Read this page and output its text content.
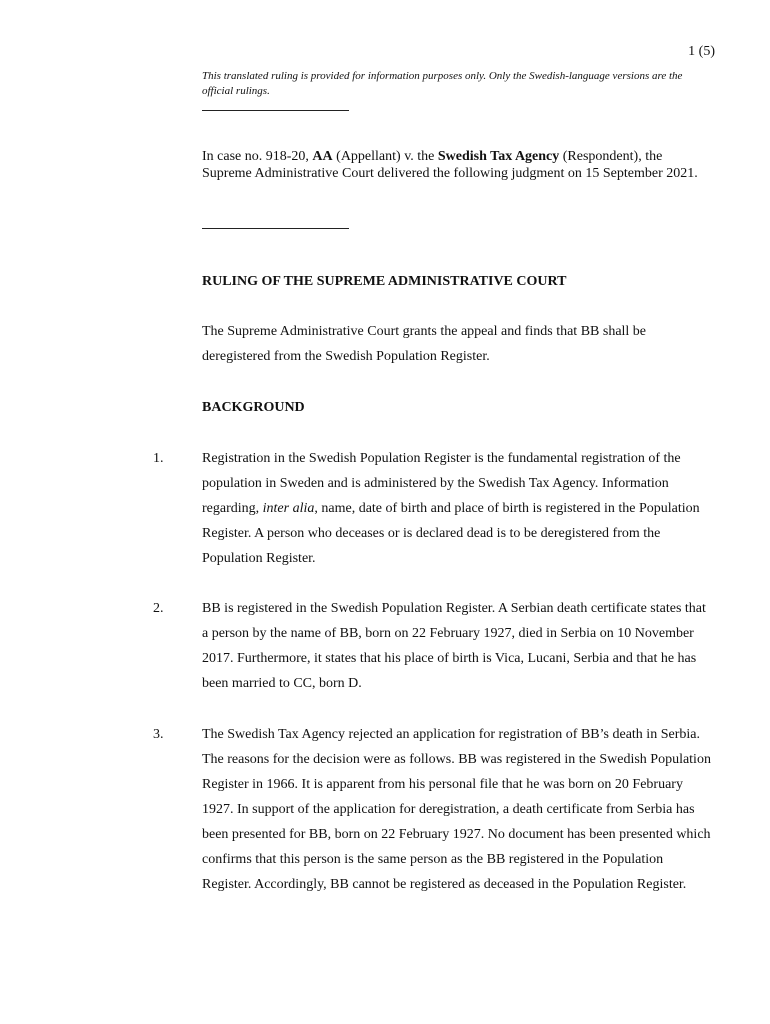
1 (5)
This translated ruling is provided for information purposes only. Only the Swedish-language versions are the official rulings.
In case no. 918-20, AA (Appellant) v. the Swedish Tax Agency (Respondent), the Supreme Administrative Court delivered the following judgment on 15 September 2021.
RULING OF THE SUPREME ADMINISTRATIVE COURT
The Supreme Administrative Court grants the appeal and finds that BB shall be deregistered from the Swedish Population Register.
BACKGROUND
1.	Registration in the Swedish Population Register is the fundamental registration of the population in Sweden and is administered by the Swedish Tax Agency. Information regarding, inter alia, name, date of birth and place of birth is registered in the Population Register. A person who deceases or is declared dead is to be deregistered from the Population Register.
2.	BB is registered in the Swedish Population Register. A Serbian death certificate states that a person by the name of BB, born on 22 February 1927, died in Serbia on 10 November 2017. Furthermore, it states that his place of birth is Vica, Lucani, Serbia and that he has been married to CC, born D.
3.	The Swedish Tax Agency rejected an application for registration of BB’s death in Serbia. The reasons for the decision were as follows. BB was registered in the Swedish Population Register in 1966. It is apparent from his personal file that he was born on 20 February 1927. In support of the application for deregistration, a death certificate from Serbia has been presented for BB, born on 22 February 1927. No document has been presented which confirms that this person is the same person as the BB registered in the Population Register. Accordingly, BB cannot be registered as deceased in the Population Register.
